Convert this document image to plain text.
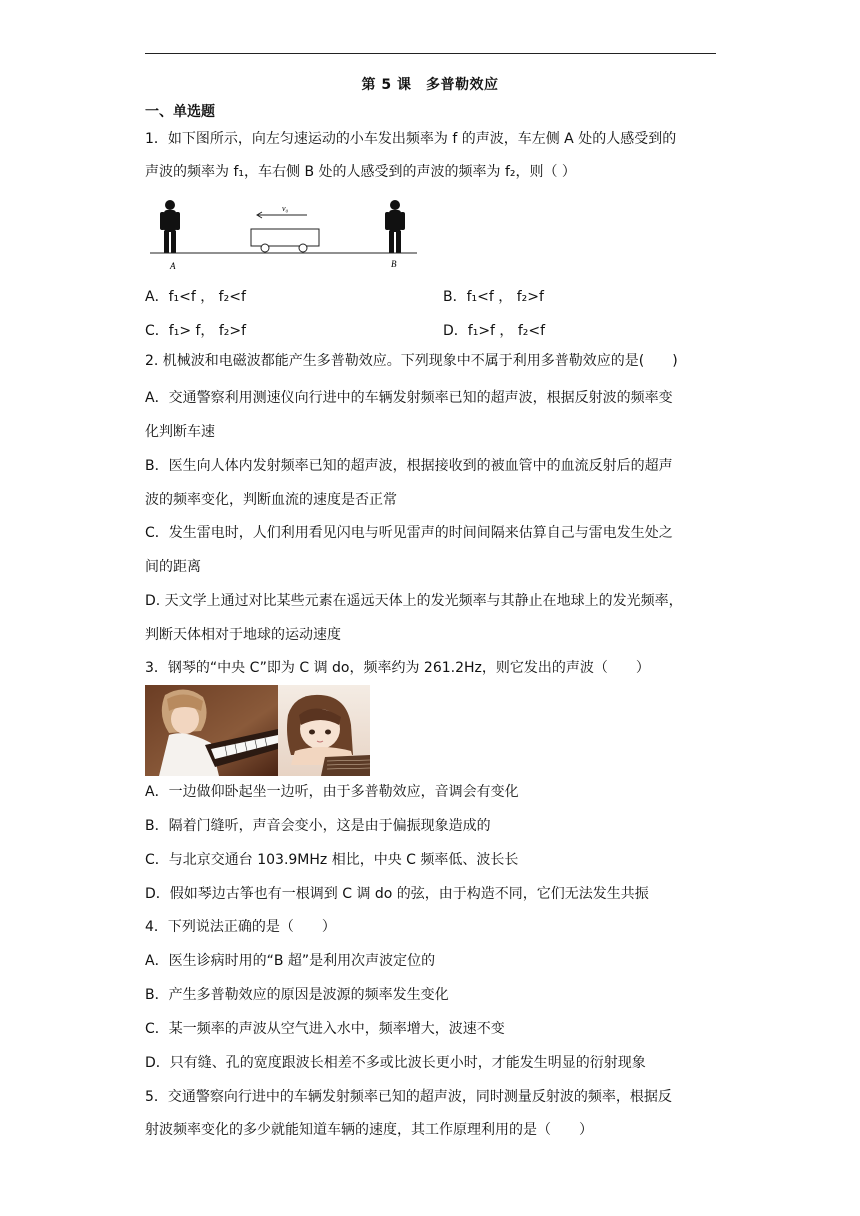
第 5 课　多普勒效应
一、单选题
1．如下图所示，向左匀速运动的小车发出频率为 f 的声波，车左侧 A 处的人感受到的
声波的频率为 f₁，车右侧 B 处的人感受到的声波的频率为 f₂，则（ ）
v₀
A	B
A．f₁<f ， f₂<f	B．f₁<f ， f₂>f
C．f₁> f， f₂>f	D．f₁>f ， f₂<f
2. 机械波和电磁波都能产生多普勒效应。下列现象中不属于利用多普勒效应的是(　　)
A．交通警察利用测速仪向行进中的车辆发射频率已知的超声波，根据反射波的频率变
化判断车速
B．医生向人体内发射频率已知的超声波，根据接收到的被血管中的血流反射后的超声
波的频率变化，判断血流的速度是否正常
C．发生雷电时，人们利用看见闪电与听见雷声的时间间隔来估算自己与雷电发生处之
间的距离
D. 天文学上通过对比某些元素在遥远天体上的发光频率与其静止在地球上的发光频率，
判断天体相对于地球的运动速度
3．钢琴的“中央 C”即为 C 调 do，频率约为 261.2Hz，则它发出的声波（　　）
A．一边做仰卧起坐一边听，由于多普勒效应，音调会有变化
B．隔着门缝听，声音会变小，这是由于偏振现象造成的
C．与北京交通台 103.9MHz 相比，中央 C 频率低、波长长
D．假如琴边古筝也有一根调到 C 调 do 的弦，由于构造不同，它们无法发生共振
4．下列说法正确的是（　　）
A．医生诊病时用的“B 超”是利用次声波定位的
B．产生多普勒效应的原因是波源的频率发生变化
C．某一频率的声波从空气进入水中，频率增大，波速不变
D．只有缝、孔的宽度跟波长相差不多或比波长更小时，才能发生明显的衍射现象
5．交通警察向行进中的车辆发射频率已知的超声波，同时测量反射波的频率，根据反
射波频率变化的多少就能知道车辆的速度，其工作原理利用的是（　　）
